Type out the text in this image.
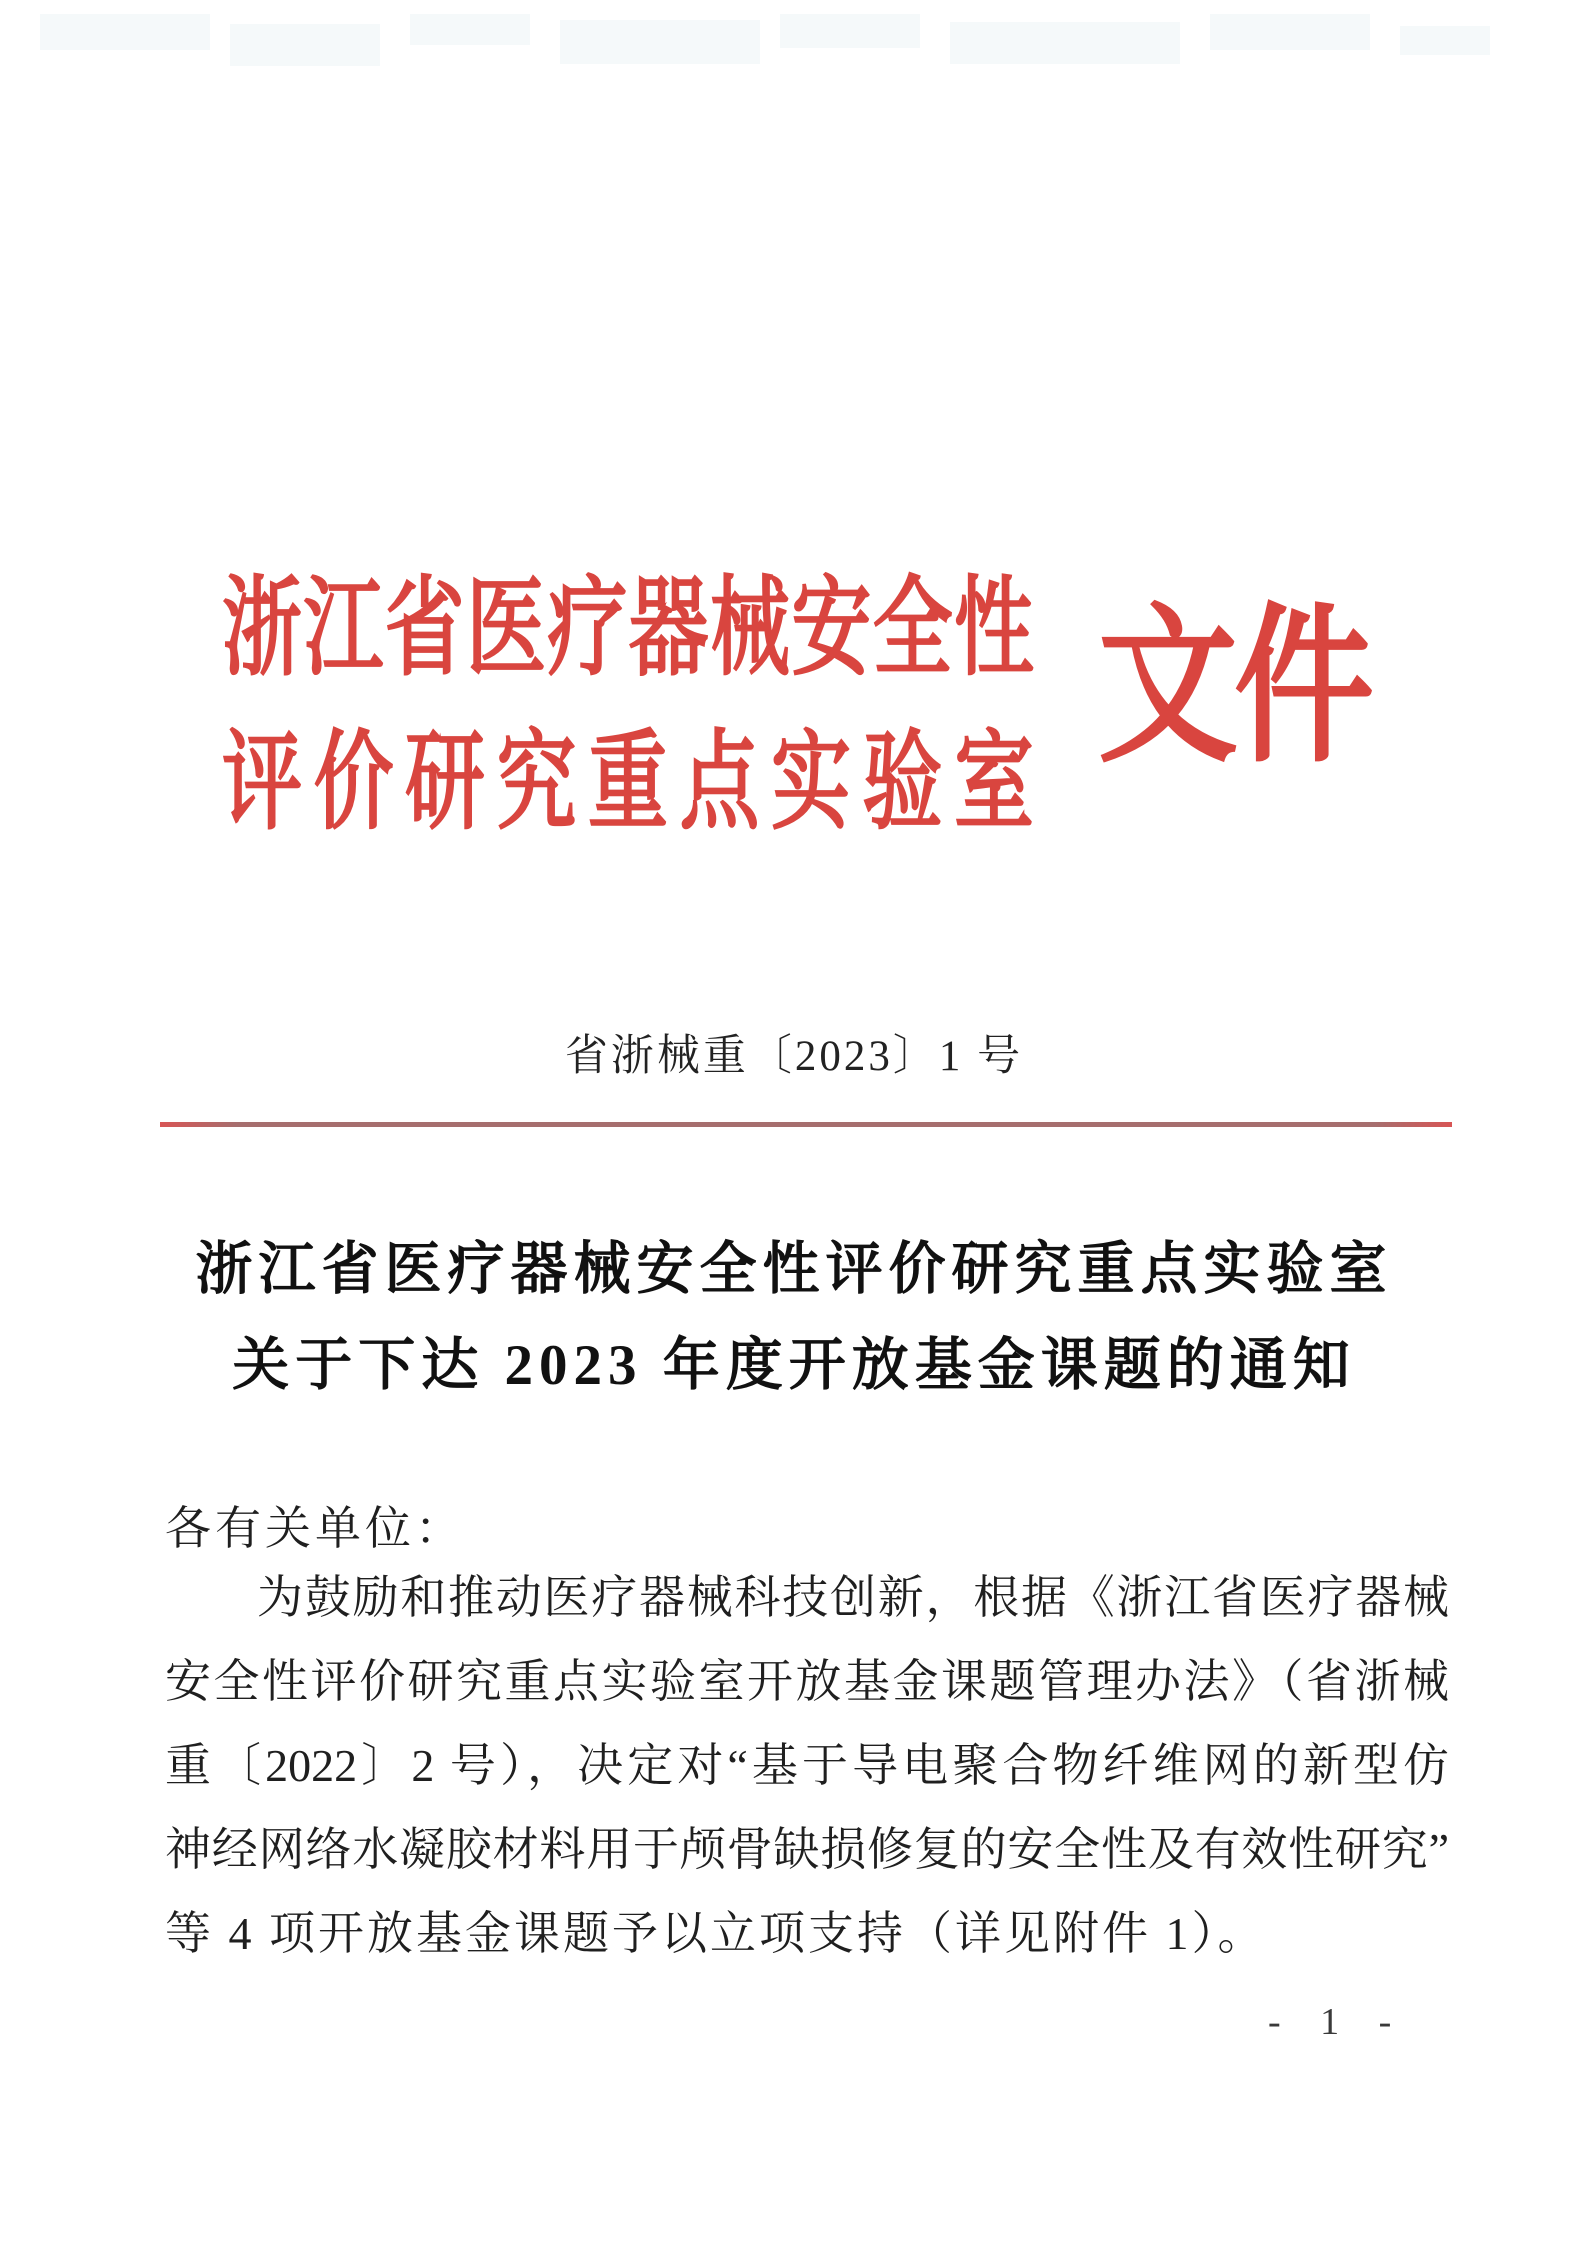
浙江省医疗器械安全性
评价研究重点实验室
文件
省浙械重〔2023〕1 号
浙江省医疗器械安全性评价研究重点实验室
关于下达 2023 年度开放基金课题的通知
各有关单位：
为鼓励和推动医疗器械科技创新，根据《浙江省医疗器械
安全性评价研究重点实验室开放基金课题管理办法》（省浙械
重〔2022〕2 号），决定对“基于导电聚合物纤维网的新型仿
神经网络水凝胶材料用于颅骨缺损修复的安全性及有效性研究”
等 4 项开放基金课题予以立项支持（详见附件 1）。
- 1 -
